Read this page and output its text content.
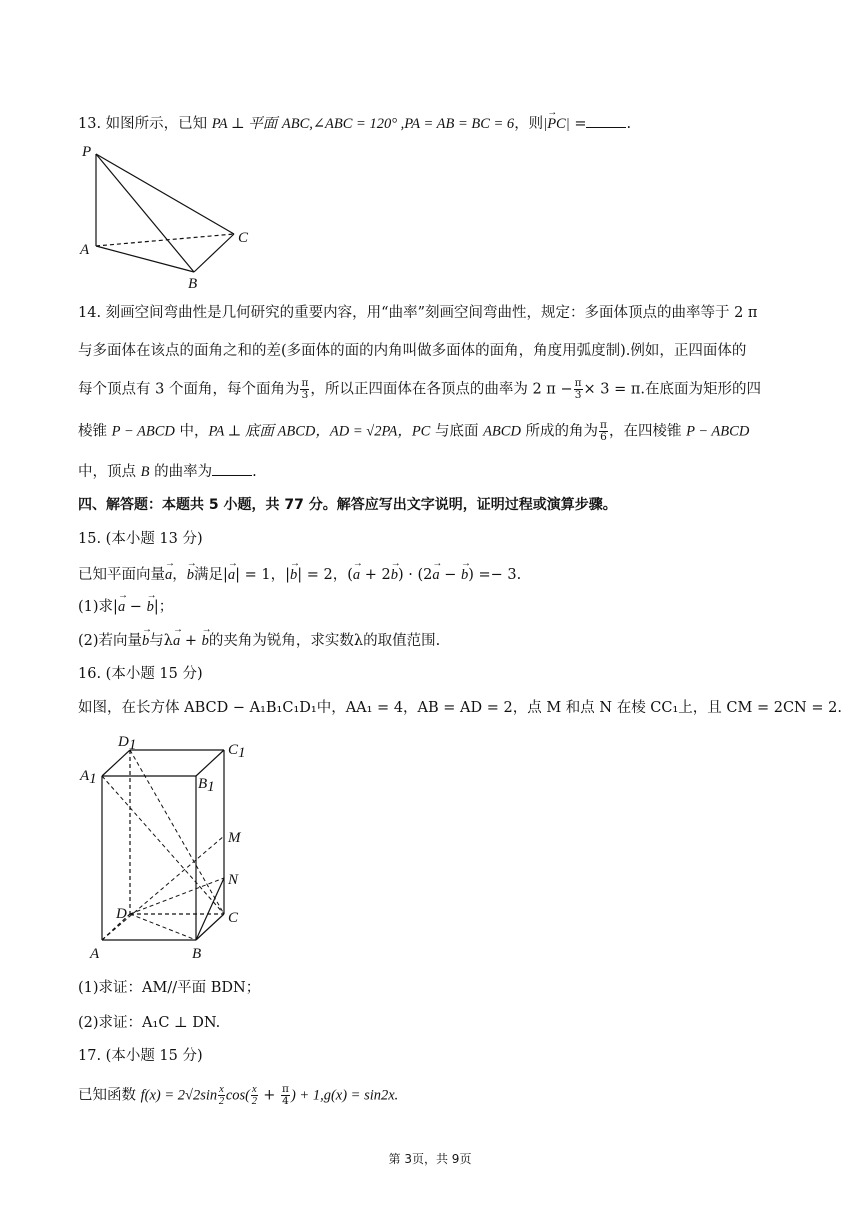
13. 如图所示，已知 PA ⊥ 平面 ABC,∠ABC = 120° ,PA = AB = BC = 6，则|→ PC| =	.
P
A
B
C
14. 刻画空间弯曲性是几何研究的重要内容，用“曲率”刻画空间弯曲性，规定：多面体顶点的曲率等于 2 π
与多面体在该点的面角之和的差(多面体的面的内角叫做多面体的面角，角度用弧度制).例如，正四面体的
每个顶点有 3 个面角，每个面角为 $\frac{\pi}{3}$ ，所以正四面体在各顶点的曲率为 2 $\pi - \frac{\pi}{3} \times 3 = \pi$.在底面为矩形的四
棱锥 P − ABCD 中，PA ⊥ 底面 ABCD，AD = √2PA，PC 与底面 ABCD 所成的角为 $\frac{\pi}{6}$ ，在四棱锥 P − ABCD
中，顶点 B 的曲率为	.
四、解答题：本题共 5 小题，共 77 分。解答应写出文字说明，证明过程或演算步骤。
15. (本小题 13 分)
已知平面向量→ a，→ b满足|→ a| = 1，|→ b| = 2，(→ a + 2→ b) · (2→ a − → b) =− 3.
(1)求|→ a − → b|；
(2)若向量→ b与λ→ a + → b的夹角为锐角，求实数λ的取值范围.
16. (本小题 15 分)
如图，在长方体 ABCD − A₁B₁C₁D₁中，AA₁ = 4，AB = AD = 2，点 M 和点 N 在棱 CC₁上，且 CM = 2CN = 2.
D1	C1
A1	B1
M
N
D	C
A	B
(1)求证：AM//平面 BDN；
(2)求证：A₁C ⊥ DN.
17. (本小题 15 分)
已知函数 $f(x) = 2√2\sin \frac{x}{2} \cos( \frac{x}{2} + \frac{\pi}{4}$ ) + 1,g(x) = sin2x.
第 3页，共 9页
